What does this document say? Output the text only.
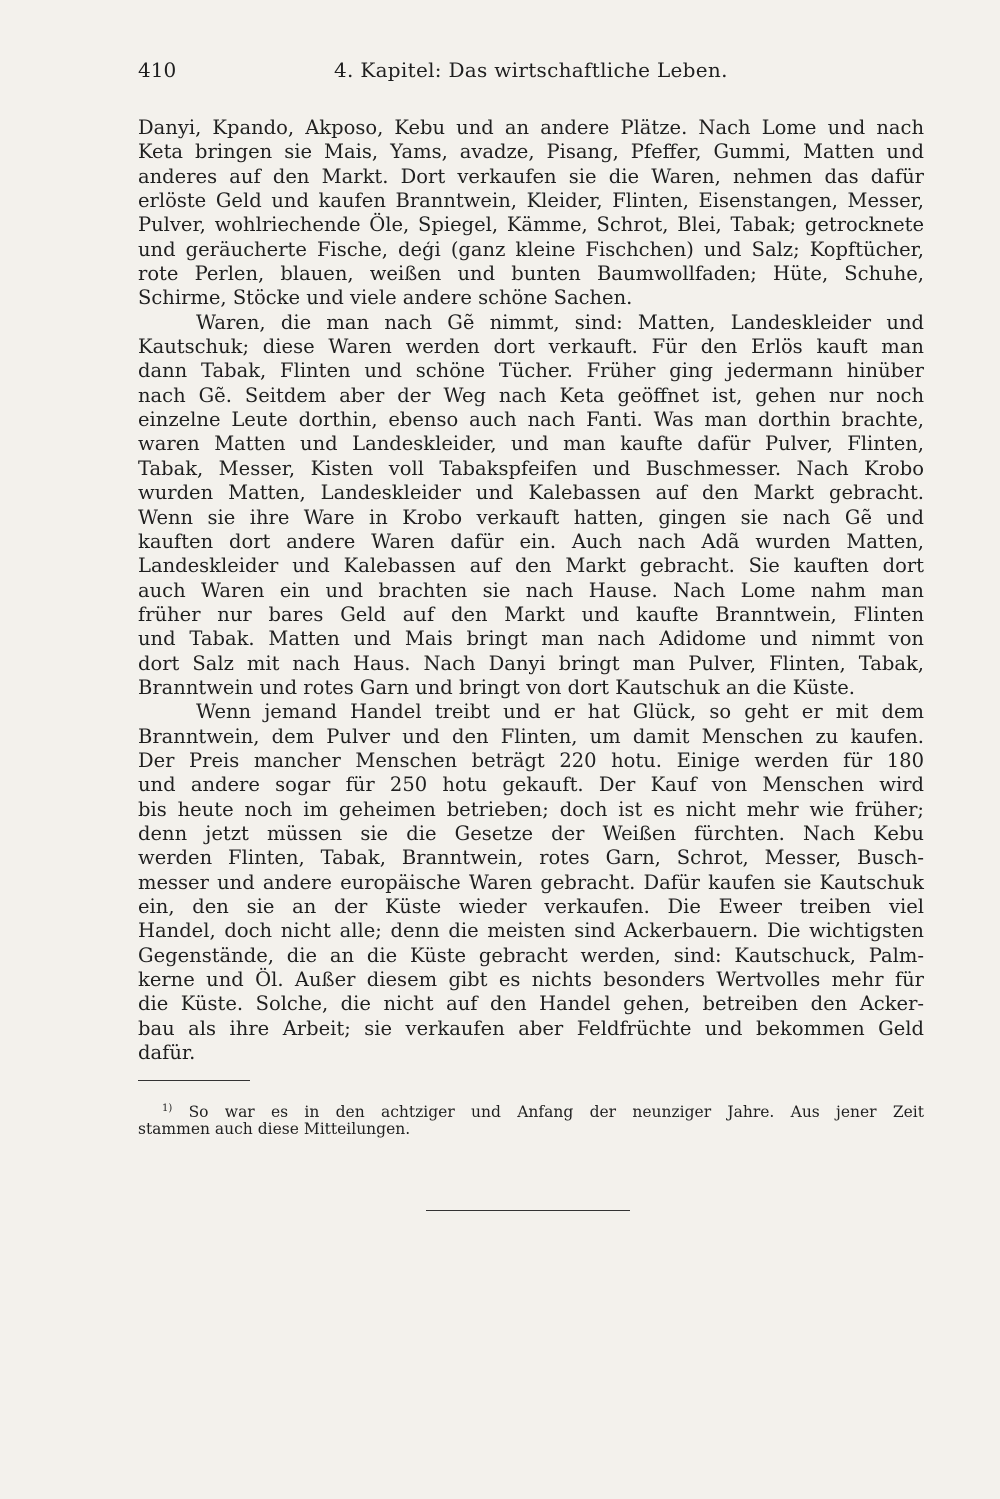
410	4. Kapitel: Das wirtschaftliche Leben.
Danyi, Kpando, Akposo, Kebu und an andere Plätze. Nach Lome und nach
Keta bringen sie Mais, Yams, avadze, Pisang, Pfeffer, Gummi, Matten und
anderes auf den Markt. Dort verkaufen sie die Waren, nehmen das dafür
erlöste Geld und kaufen Branntwein, Kleider, Flinten, Eisenstangen, Messer,
Pulver, wohlriechende Öle, Spiegel, Kämme, Schrot, Blei, Tabak; getrocknete
und geräucherte Fische, deģi (ganz kleine Fischchen) und Salz; Kopftücher,
rote Perlen, blauen, weißen und bunten Baumwollfaden; Hüte, Schuhe,
Schirme, Stöcke und viele andere schöne Sachen.
Waren, die man nach Gẽ nimmt, sind: Matten, Landeskleider und
Kautschuk; diese Waren werden dort verkauft. Für den Erlös kauft man
dann Tabak, Flinten und schöne Tücher. Früher ging jedermann hinüber
nach Gẽ. Seitdem aber der Weg nach Keta geöffnet ist, gehen nur noch
einzelne Leute dorthin, ebenso auch nach Fanti. Was man dorthin brachte,
waren Matten und Landeskleider, und man kaufte dafür Pulver, Flinten,
Tabak, Messer, Kisten voll Tabakspfeifen und Buschmesser. Nach Krobo
wurden Matten, Landeskleider und Kalebassen auf den Markt gebracht.
Wenn sie ihre Ware in Krobo verkauft hatten, gingen sie nach Gẽ und
kauften dort andere Waren dafür ein. Auch nach Adã wurden Matten,
Landeskleider und Kalebassen auf den Markt gebracht. Sie kauften dort
auch Waren ein und brachten sie nach Hause. Nach Lome nahm man
früher nur bares Geld auf den Markt und kaufte Branntwein, Flinten
und Tabak. Matten und Mais bringt man nach Adidome und nimmt von
dort Salz mit nach Haus. Nach Danyi bringt man Pulver, Flinten, Tabak,
Branntwein und rotes Garn und bringt von dort Kautschuk an die Küste.
Wenn jemand Handel treibt und er hat Glück, so geht er mit dem
Branntwein, dem Pulver und den Flinten, um damit Menschen zu kaufen.
Der Preis mancher Menschen beträgt 220 hotu. Einige werden für 180
und andere sogar für 250 hotu gekauft. Der Kauf von Menschen wird
bis heute noch im geheimen betrieben; doch ist es nicht mehr wie früher;
denn jetzt müssen sie die Gesetze der Weißen fürchten. Nach Kebu
werden Flinten, Tabak, Branntwein, rotes Garn, Schrot, Messer, Busch-
messer und andere europäische Waren gebracht. Dafür kaufen sie Kautschuk
ein, den sie an der Küste wieder verkaufen. Die Eweer treiben viel
Handel, doch nicht alle; denn die meisten sind Ackerbauern. Die wichtigsten
Gegenstände, die an die Küste gebracht werden, sind: Kautschuck, Palm-
kerne und Öl. Außer diesem gibt es nichts besonders Wertvolles mehr für
die Küste. Solche, die nicht auf den Handel gehen, betreiben den Acker-
bau als ihre Arbeit; sie verkaufen aber Feldfrüchte und bekommen Geld
dafür.
$^{1)}$ So war es in den achtziger und Anfang der neunziger Jahre. Aus jener Zeit
stammen auch diese Mitteilungen.
